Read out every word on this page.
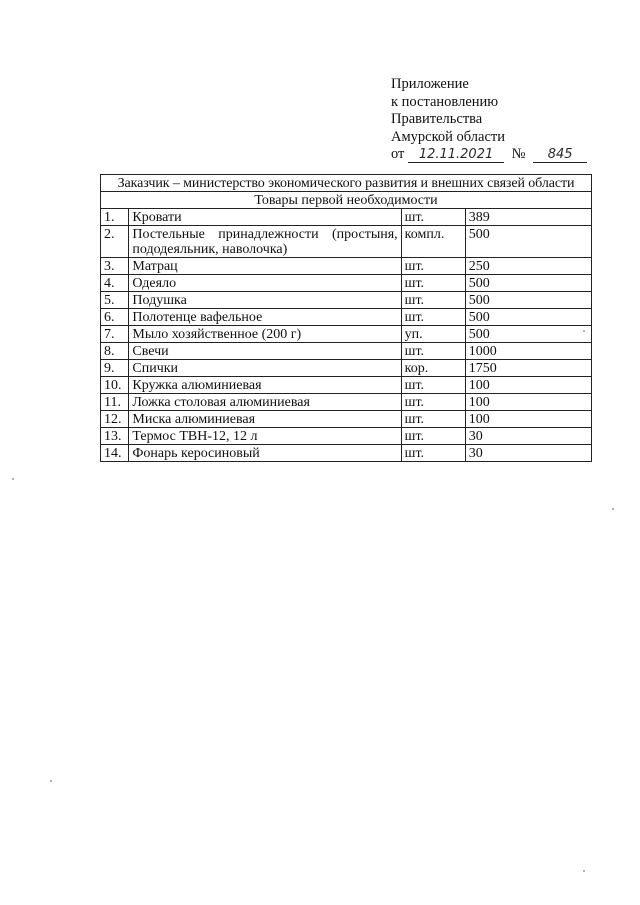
Приложение
к постановлению
Правительства
Амурской области
от 12.11.2021 № 845
Заказчик – министерство экономического развития и внешних связей области			
Товары первой необходимости			
1.	Кровати	шт.	389
2.	Постельные принадлежности (простыня, пододеяльник, наволочка)	компл.	500
3.	Матрац	шт.	250
4.	Одеяло	шт.	500
5.	Подушка	шт.	500
6.	Полотенце вафельное	шт.	500
7.	Мыло хозяйственное (200 г)	уп.	500
8.	Свечи	шт.	1000
9.	Спички	кор.	1750
10.	Кружка алюминиевая	шт.	100
11.	Ложка столовая алюминиевая	шт.	100
12.	Миска алюминиевая	шт.	100
13.	Термос ТВН-12, 12 л	шт.	30
14.	Фонарь керосиновый	шт.	30
